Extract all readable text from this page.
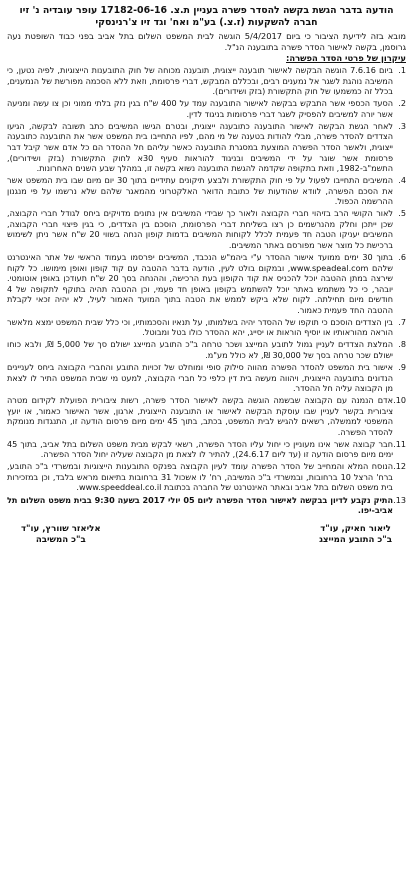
הודעה בדבר הגשת בקשה להסדר פשרה בעניין ת.צ. 17182-06-16 עופר עובדיה נ' זיו חברה להשקעות (ז.צ.) בע"מ ואח' וגד זיו צ'רנינסקי

מובא בזה לידיעת הציבור כי ביום 5/4/2017 הוגשה לבית המשפט השלום בתל אביב בפני כבוד השופטת נעה גרוסמן, בקשה לאישור הסדר פשרה בתובענה הנ"ל.

עיקרון של פרטי הסדר הפשרה:
1.
ביום 7.6.16 הוגשה הבקשה לאישור תובענה ייצוגית, תובענה מכוחה של חוק התובענות הייצוגיות, לפיה נטען, כי המשיבה נוהגת לשגר אל נמענים רבים, ובכללם המבקש, דברי פרסומת, וזאת ללא הסכמה מפורשת של הנמענים, בכלל זה כמשמעו של חוק התקשורת (בזק ושידורים).
2.
הסעד הכספי אשר התבקש בבקשה לאישור התובענה עמד על 400 ש"ח בגין נזק בלתי ממוני וכן צו עשה ומניעה אשר יורה למשיבים להפסיק לשגר דברי פרסומות בניגוד לדין.
3.
לאחר הגשת הבקשה לאישור התובענה כתובענה ייצוגית, ובטרם הגישו המשיבים כתב תשובה לבקשה, הגיעו הצדדים להסדר פשרה, מבלי להודות בטענה של מי מהם, לפיו התחייבו בית המשפט אשר את התובענה כתובענה ייצוגית, ולאשר הסדר הפשרה המוצעת במסגרת התובענה כאשר עליהם חל ההסדר הם כל אדם אשר קיבל דבר פרסומת אשר שוגר על ידי המשיבים ובניגוד להוראות סעיף 30א לחוק התקשורת (בזק ושידורים), התשמ"ב-1982, וזאת בתקופה שקדמה להגשת התובענה נשוא בקשה זו, במהלך שבע השנים האחרונות.
4.
המשיבים התחייבו לפעול על פי חוק התקשורת ולבצע תיקונים עתידיים בתוך 30 יום מיום שבו בית המשפט אשר את הסכם הפשרה, לוודא שהודעות של כתובת הדואר האלקטרוני מהמאגר שלהם שלא נרשמו על פי מנגנון ההרשמה הכפול.
5.
לאור הקושי הרב בזיהוי חברי הקבוצה ולאור כך שבידי המשיבים אין נתונים מדויקים ביחס לגודל חברי הקבוצה, שכן ייתכן וחלק מהנרשמים כן רצו בשליחת דברי הפרסומת, הוסכם בין הצדדים, כי בגין פיצוי חברי הקבוצה, המשיבים יעניקו הטבה חד פעמית לכלל לקוחות המשיבים בדמות קופון הנחה בשווי 20 ש"ח אשר ניתן לשימוש ברכישת כל מוצר אשר מפורסם באתר המשיבים.
6.
בתוך 30 ימים ממועד אישור ההסדר ע"י ביהמ"ש הנכבד, המשיבים יפרסמו בעמוד הראשי של אתר האינטרנט שלהם www.speadeal.com, ובמקום בולט לעין, הודעה בדבר ההטבה עם קוד קופון ואופן מימושו. כל לקוח שירצה במתן ההטבה יוכל להכניס את קוד הקופון בעת הרכישה, וההנחה בסך 20 ש"ח תעודכן באופן אוטומטי. יובהר, כי כל משתמש באתר יוכל להשתמש בקופון באופן חד פעמי, וכן ההטבה תהיה בתוקף לתקופה של 4 חודשים מיום תחילתה. לקוח שלא ביקש לממש את הטבה בתוך המועד האמור לעיל, לא יהיה זכאי לקבלת ההטבה החד פעמית כאמור.
7.
בין הצדדים הוסכם כי תוקפו של ההסדר יהיה בשלמותו, על תנאיו והסכמותיו, וכי כלל שבית המשפט ימצא מלאשר הוראה מהוראותיו או יוסיף הוראות או יסייג, יהא ההסדר כולו בטל ומבוטל.
8.
המלצת הצדדים לעניין גמול לתובע המייצג ושכר טרחה ב"כ התובע המייצג ישולם סך של 5,000 ₪, ולבא כוחו ישולם שכר טרחה בסך של 30,000 ₪, לא כולל מע"מ.
9.
אישור בית המשפט להסדר הפשרה מהווה סילוק סופי ומוחלט של זכויות התובע והחברי הקבוצה ביחס לעניינים הנדונים בתובענה הייצוגית, ויהווה מעשה בית דין כלפי כל חברי הקבוצה, למעט מי שבית המשפט התיר לו לצאת מן הקבוצה עליה חל ההסדר.
10.
אדם הנמנה עם הקבוצה שבשמה הוגשה בקשה לאישור הסדר פשרה, רשות ציבורית הפועלת לקידום מטרה ציבורית בקשר לעניין שבו עוסקת הבקשה לאישור או התובענה הייצוגית, ארגון, אשר האישור כאמור, או יועץ המשפטי לממשלה, רשאים להגיש לבית המשפט, בכתב, בתוך 45 ימים מיום פרסום הודעה זו, התנגדות מנומקת להסדר הפשרה.
11.
חבר קבוצה אשר אינו מעוניין כי יחול עליו הסדר הפשרה, רשאי לבקש מבית משפט השלום בתל אביב, בתוך 45 ימים מיום פרסום הודעה זו (עד ליום 24.6.17), להתיר לו לצאת מן הקבוצה שעליה יחול הסדר הפשרה.
12.
הנוסח המלא והמחייב של הסדר הפשרה עומד לעיון הקבוצה בפנקס התובענות הייצוגיות ובמשרדי ב"כ התובע, ברח' הרצל 10 ברחובות, ובמשרדי ב"כ המשיבה, רח' לו אשכול 31 ברחובות בתיאום מראש בלבד, וכן במזכירות בית משפט השלום בתל אביב ובאתר האינטרנט של החברה בכתובת www.speeddeal.co.il.
13.
התיק נקבע לדיון בבקשה לאישור הסדר הפשרה ליום 05 יולי 2017 בשעה 9:30 בבית משפט השלום תל אביב-יפו.
ליאור חאיק, עו"ד
ב"כ התובע המייצג
אליאזר שוורץ, עו"ד
ב"כ המשיבה
